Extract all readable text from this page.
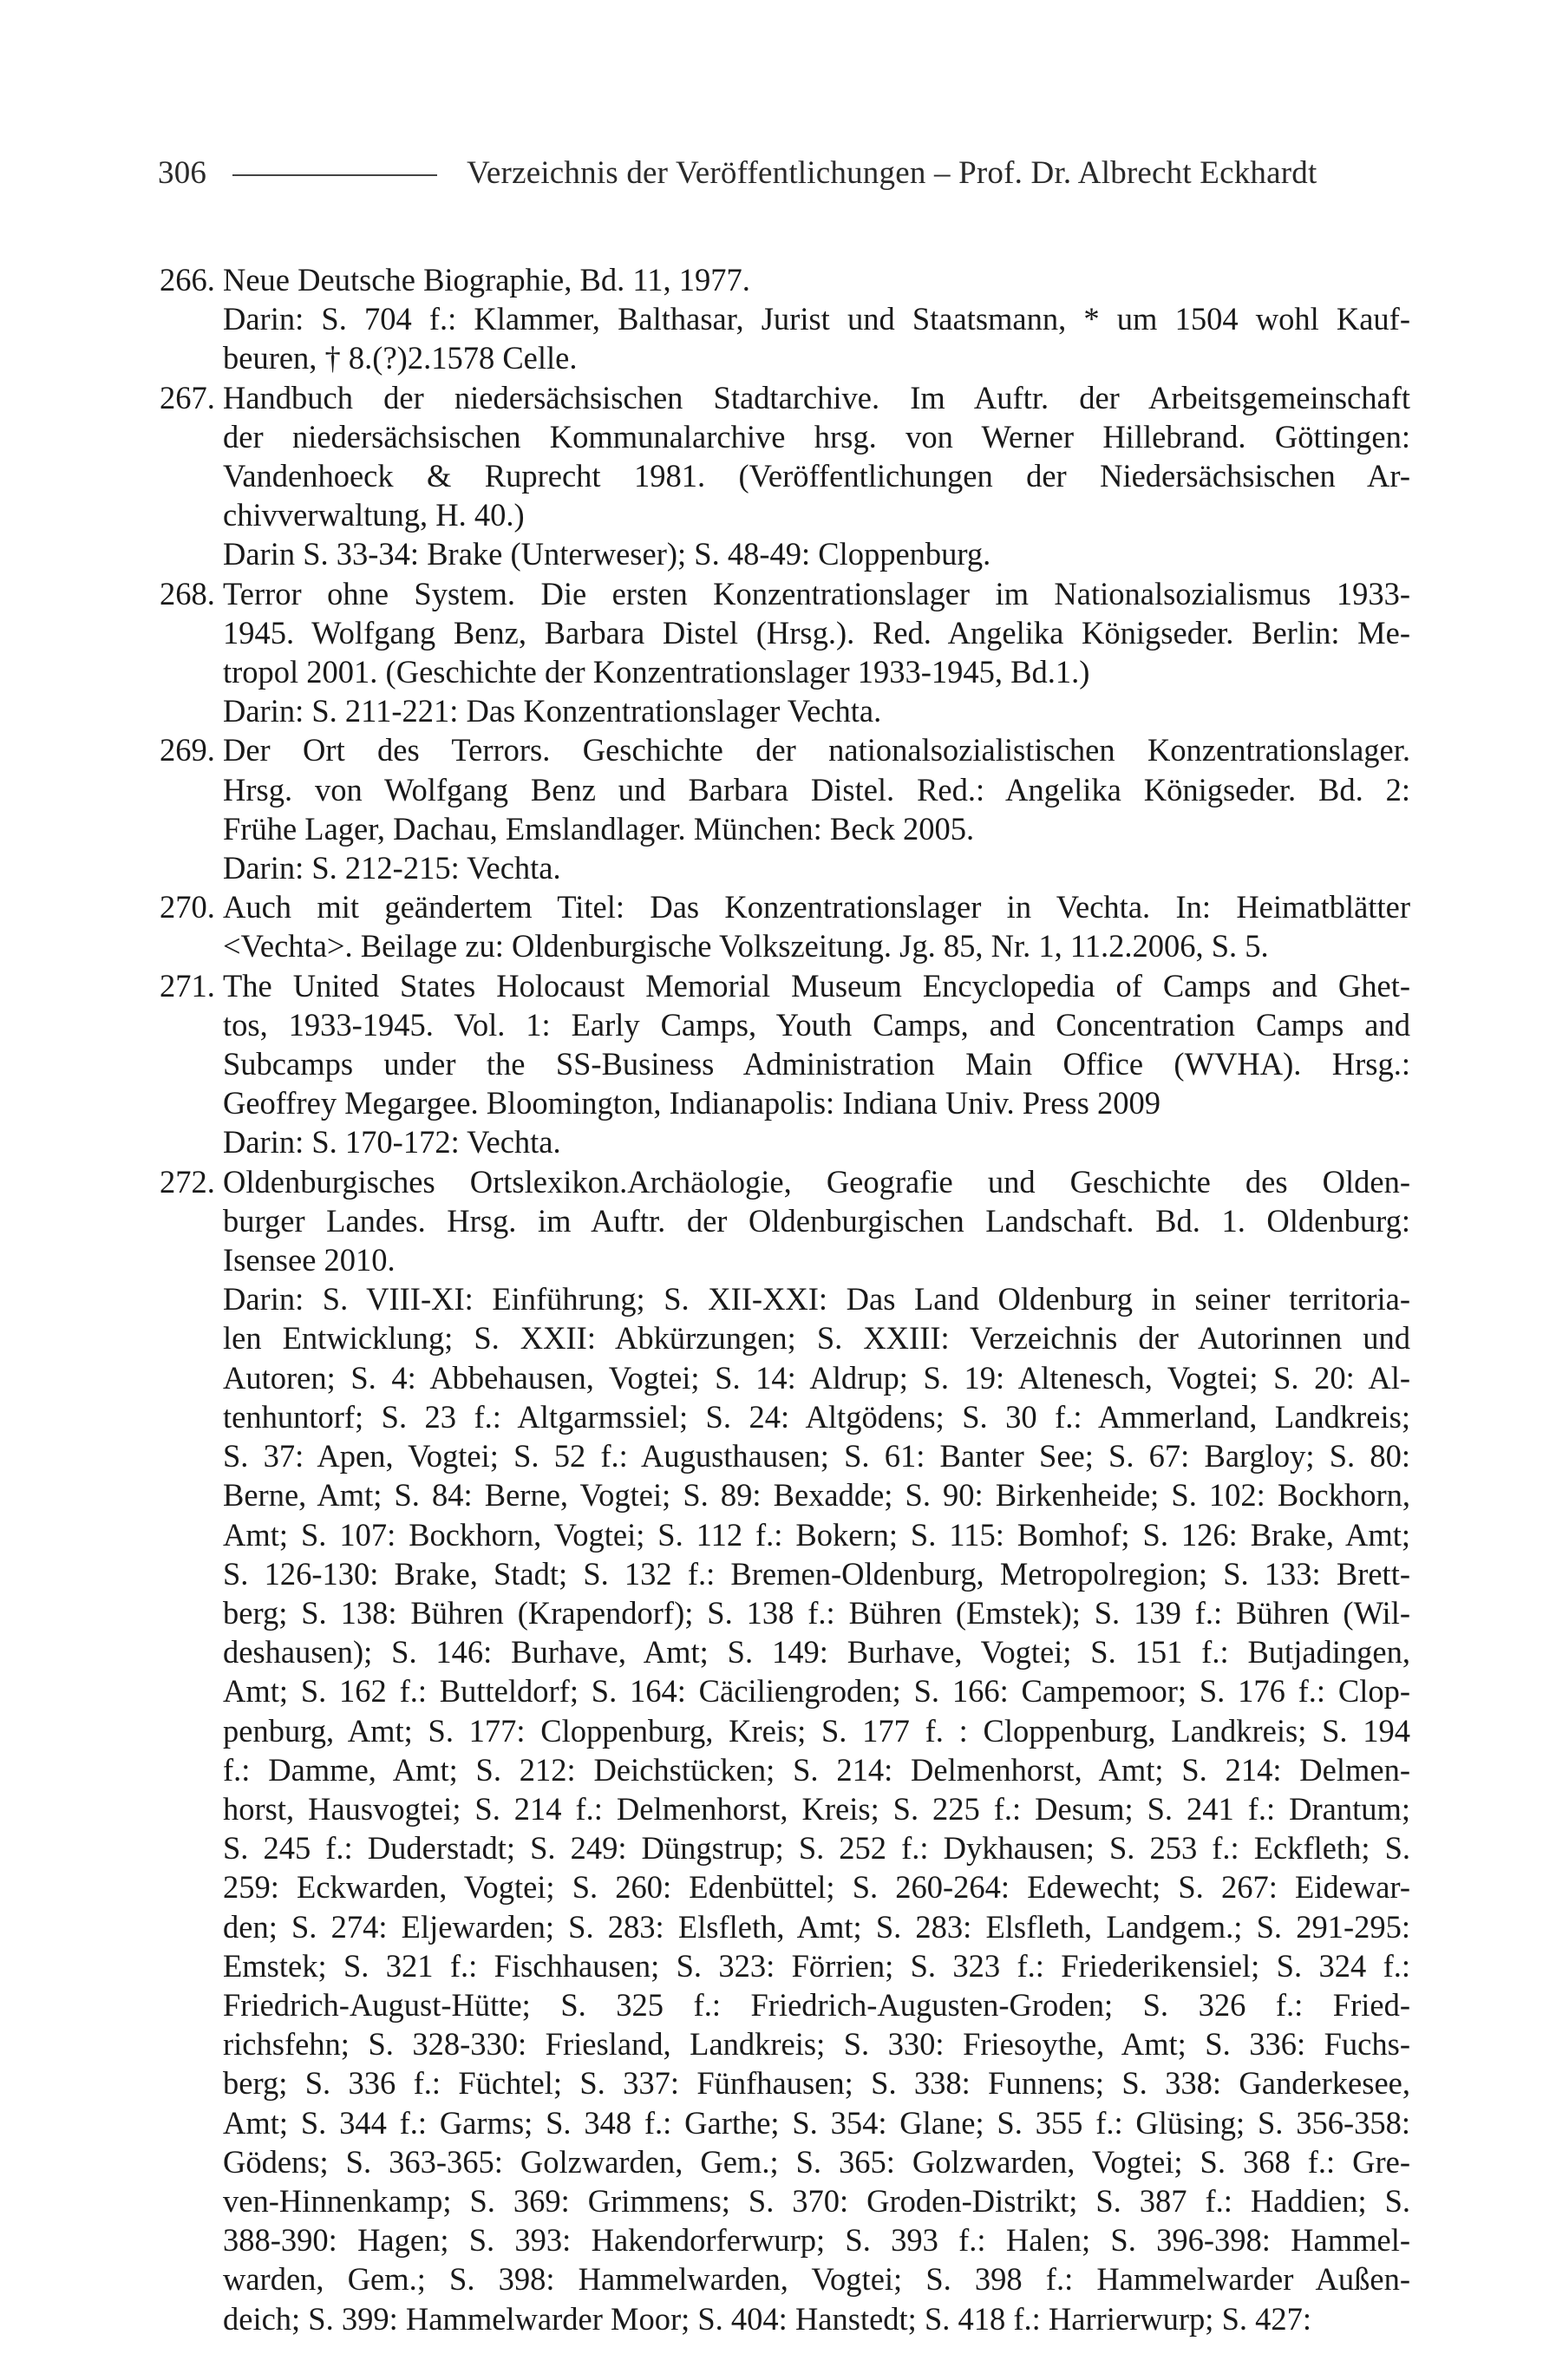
306	Verzeichnis der Veröffentlichungen – Prof. Dr. Albrecht Eckhardt
266. Neue Deutsche Biographie, Bd. 11, 1977.
Darin: S. 704 f.: Klammer, Balthasar, Jurist und Staatsmann, * um 1504 wohl Kauf-
beuren, † 8.(?)2.1578 Celle.
267. Handbuch der niedersächsischen Stadtarchive. Im Auftr. der Arbeitsgemeinschaft
der niedersächsischen Kommunalarchive hrsg. von Werner Hillebrand. Göttingen:
Vandenhoeck & Ruprecht 1981. (Veröffentlichungen der Niedersächsischen Ar-
chivverwaltung, H. 40.)
Darin S. 33-34: Brake (Unterweser); S. 48-49: Cloppenburg.
268. Terror ohne System. Die ersten Konzentrationslager im Nationalsozialismus 1933-
1945. Wolfgang Benz, Barbara Distel (Hrsg.). Red. Angelika Königseder. Berlin: Me-
tropol 2001. (Geschichte der Konzentrationslager 1933-1945, Bd.1.)
Darin: S. 211-221: Das Konzentrationslager Vechta.
269. Der Ort des Terrors. Geschichte der nationalsozialistischen Konzentrationslager.
Hrsg. von Wolfgang Benz und Barbara Distel. Red.: Angelika Königseder. Bd. 2:
Frühe Lager, Dachau, Emslandlager. München: Beck 2005.
Darin: S. 212-215: Vechta.
270. Auch mit geändertem Titel: Das Konzentrationslager in Vechta. In: Heimatblätter
<Vechta>. Beilage zu: Oldenburgische Volkszeitung. Jg. 85, Nr. 1, 11.2.2006, S. 5.
271. The United States Holocaust Memorial Museum Encyclopedia of Camps and Ghet-
tos, 1933-1945. Vol. 1: Early Camps, Youth Camps, and Concentration Camps and
Subcamps under the SS-Business Administration Main Office (WVHA). Hrsg.:
Geoffrey Megargee. Bloomington, Indianapolis: Indiana Univ. Press 2009
Darin: S. 170-172: Vechta.
272. Oldenburgisches Ortslexikon.Archäologie, Geografie und Geschichte des Olden-
burger Landes. Hrsg. im Auftr. der Oldenburgischen Landschaft. Bd. 1. Oldenburg:
Isensee 2010.
Darin: S. VIII-XI: Einführung; S. XII-XXI: Das Land Oldenburg in seiner territoria-
len Entwicklung; S. XXII: Abkürzungen; S. XXIII: Verzeichnis der Autorinnen und
Autoren; S. 4: Abbehausen, Vogtei; S. 14: Aldrup; S. 19: Altenesch, Vogtei; S. 20: Al-
tenhuntorf; S. 23 f.: Altgarmssiel; S. 24: Altgödens; S. 30 f.: Ammerland, Landkreis;
S. 37: Apen, Vogtei; S. 52 f.: Augusthausen; S. 61: Banter See; S. 67: Bargloy; S. 80:
Berne, Amt; S. 84: Berne, Vogtei; S. 89: Bexadde; S. 90: Birkenheide; S. 102: Bockhorn,
Amt; S. 107: Bockhorn, Vogtei; S. 112 f.: Bokern; S. 115: Bomhof; S. 126: Brake, Amt;
S. 126-130: Brake, Stadt; S. 132 f.: Bremen-Oldenburg, Metropolregion; S. 133: Brett-
berg; S. 138: Bühren (Krapendorf); S. 138 f.: Bühren (Emstek); S. 139 f.: Bühren (Wil-
deshausen); S. 146: Burhave, Amt; S. 149: Burhave, Vogtei; S. 151 f.: Butjadingen,
Amt; S. 162 f.: Butteldorf; S. 164: Cäciliengroden; S. 166: Campemoor; S. 176 f.: Clop-
penburg, Amt; S. 177: Cloppenburg, Kreis; S. 177 f. : Cloppenburg, Landkreis; S. 194
f.: Damme, Amt; S. 212: Deichstücken; S. 214: Delmenhorst, Amt; S. 214: Delmen-
horst, Hausvogtei; S. 214 f.: Delmenhorst, Kreis; S. 225 f.: Desum; S. 241 f.: Drantum;
S. 245 f.: Duderstadt; S. 249: Düngstrup; S. 252 f.: Dykhausen; S. 253 f.: Eckfleth; S.
259: Eckwarden, Vogtei; S. 260: Edenbüttel; S. 260-264: Edewecht; S. 267: Eidewar-
den; S. 274: Eljewarden; S. 283: Elsfleth, Amt; S. 283: Elsfleth, Landgem.; S. 291-295:
Emstek; S. 321 f.: Fischhausen; S. 323: Förrien; S. 323 f.: Friederikensiel; S. 324 f.:
Friedrich-August-Hütte; S. 325 f.: Friedrich-Augusten-Groden; S. 326 f.: Fried-
richsfehn; S. 328-330: Friesland, Landkreis; S. 330: Friesoythe, Amt; S. 336: Fuchs-
berg; S. 336 f.: Füchtel; S. 337: Fünfhausen; S. 338: Funnens; S. 338: Ganderkesee,
Amt; S. 344 f.: Garms; S. 348 f.: Garthe; S. 354: Glane; S. 355 f.: Glüsing; S. 356-358:
Gödens; S. 363-365: Golzwarden, Gem.; S. 365: Golzwarden, Vogtei; S. 368 f.: Gre-
ven-Hinnenkamp; S. 369: Grimmens; S. 370: Groden-Distrikt; S. 387 f.: Haddien; S.
388-390: Hagen; S. 393: Hakendorferwurp; S. 393 f.: Halen; S. 396-398: Hammel-
warden, Gem.; S. 398: Hammelwarden, Vogtei; S. 398 f.: Hammelwarder Außen-
deich; S. 399: Hammelwarder Moor; S. 404: Hanstedt; S. 418 f.: Harrierwurp; S. 427:
